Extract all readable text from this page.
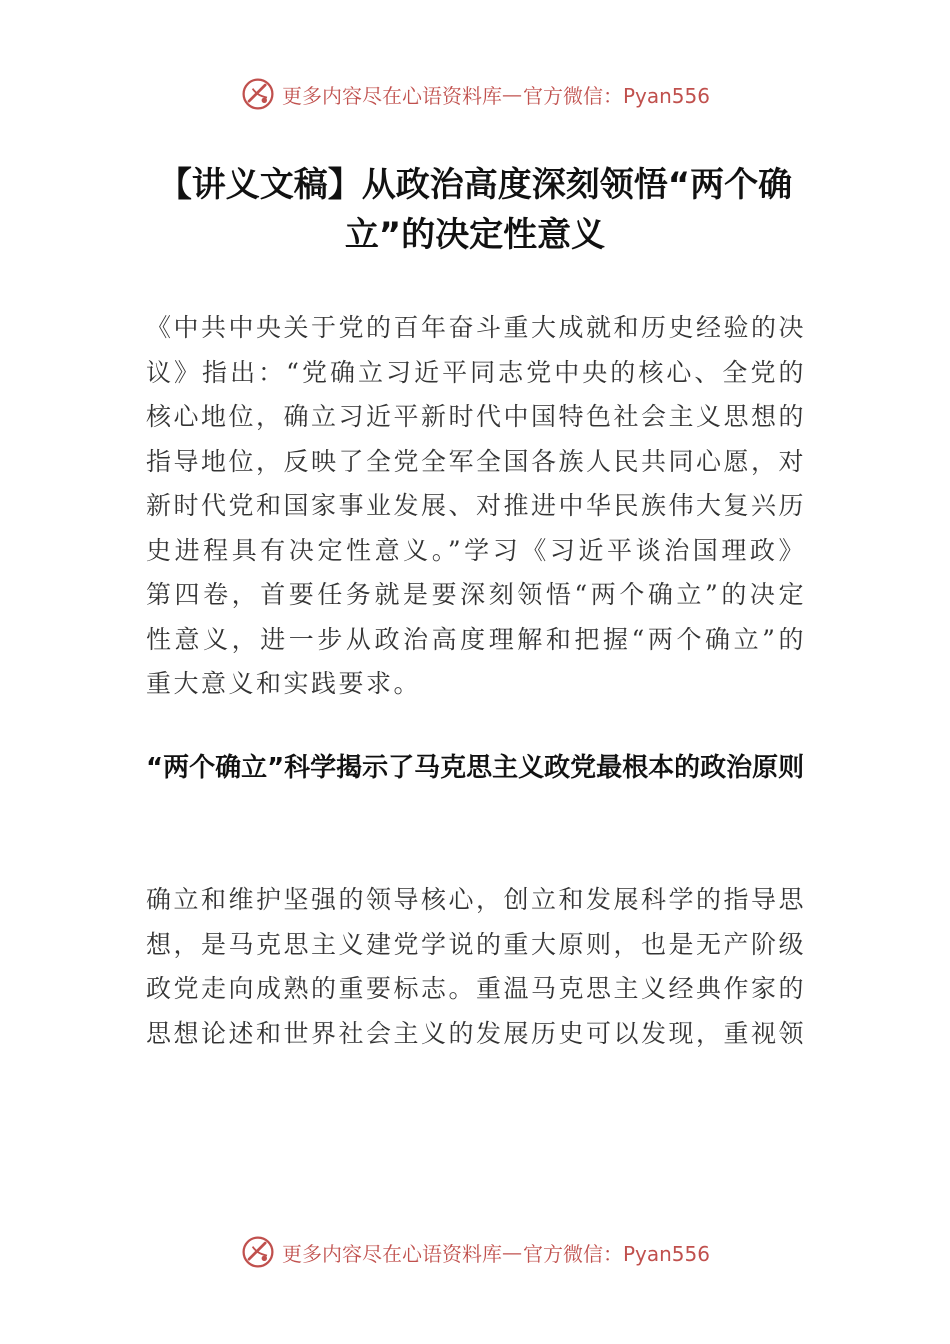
更多内容尽在心语资料库 — 官方微信：Pyan556
【讲义文稿】从政治高度深刻领悟“两个确立”的决定性意义

《中共中央关于党的百年奋斗重大成就和历史经验的决议》指出：“党确立习近平同志党中央的核心、全党的核心地位，确立习近平新时代中国特色社会主义思想的指导地位，反映了全党全军全国各族人民共同心愿，对新时代党和国家事业发展、对推进中华民族伟大复兴历史进程具有决定性意义。”学习《习近平谈治国理政》第四卷，首要任务就是要深刻领悟“两个确立”的决定性意义，进一步从政治高度理解和把握“两个确立”的重大意义和实践要求。

“两个确立”科学揭示了马克思主义政党最根本的政治原则

确立和维护坚强的领导核心，创立和发展科学的指导思想，是马克思主义建党学说的重大原则，也是无产阶级政党走向成熟的重要标志。重温马克思主义经典作家的思想论述和世界社会主义的发展历史可以发现，重视领

更多内容尽在心语资料库 — 官方微信：Pyan556
